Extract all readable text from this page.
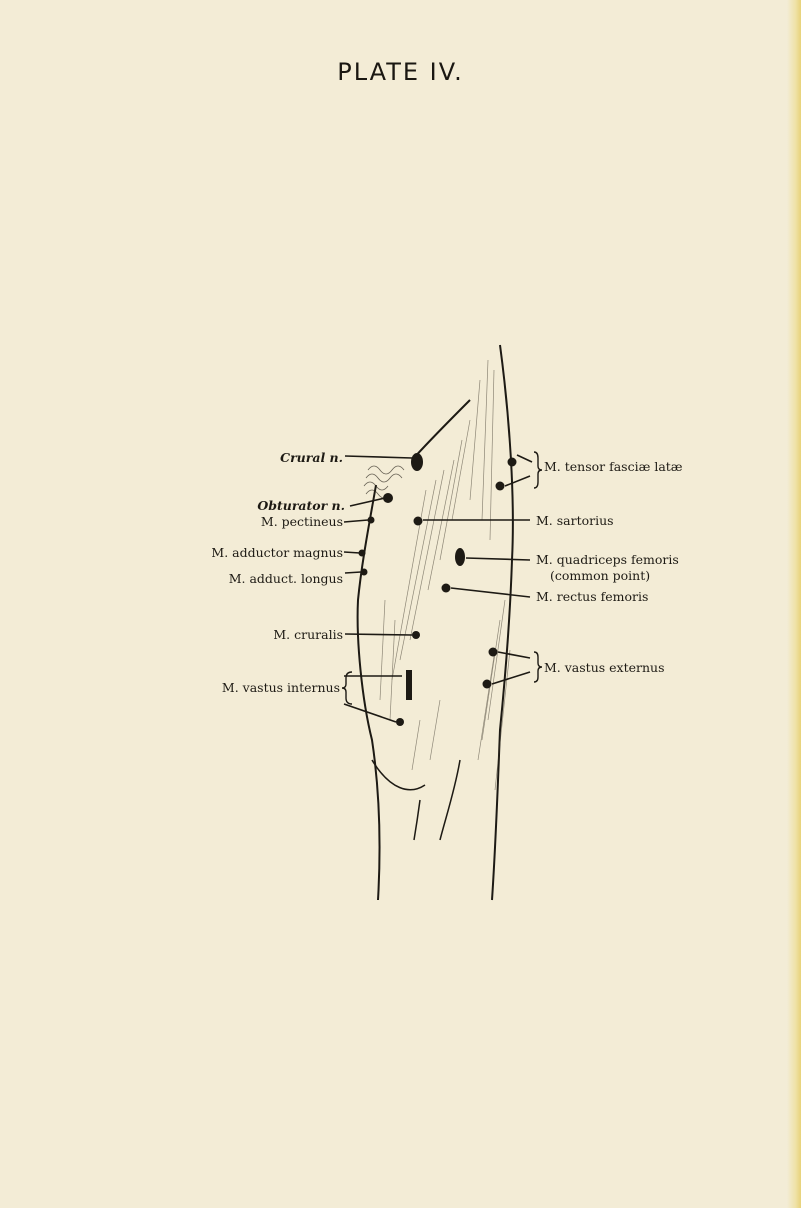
PLATE IV.
Crural n.
Obturator n.
M. pectineus
M. adductor magnus
M. adduct. longus
M. cruralis
M. vastus internus
M. tensor fasciæ latæ
M. sartorius
M. quadriceps femoris
(common point)
M. rectus femoris
M. vastus externus
